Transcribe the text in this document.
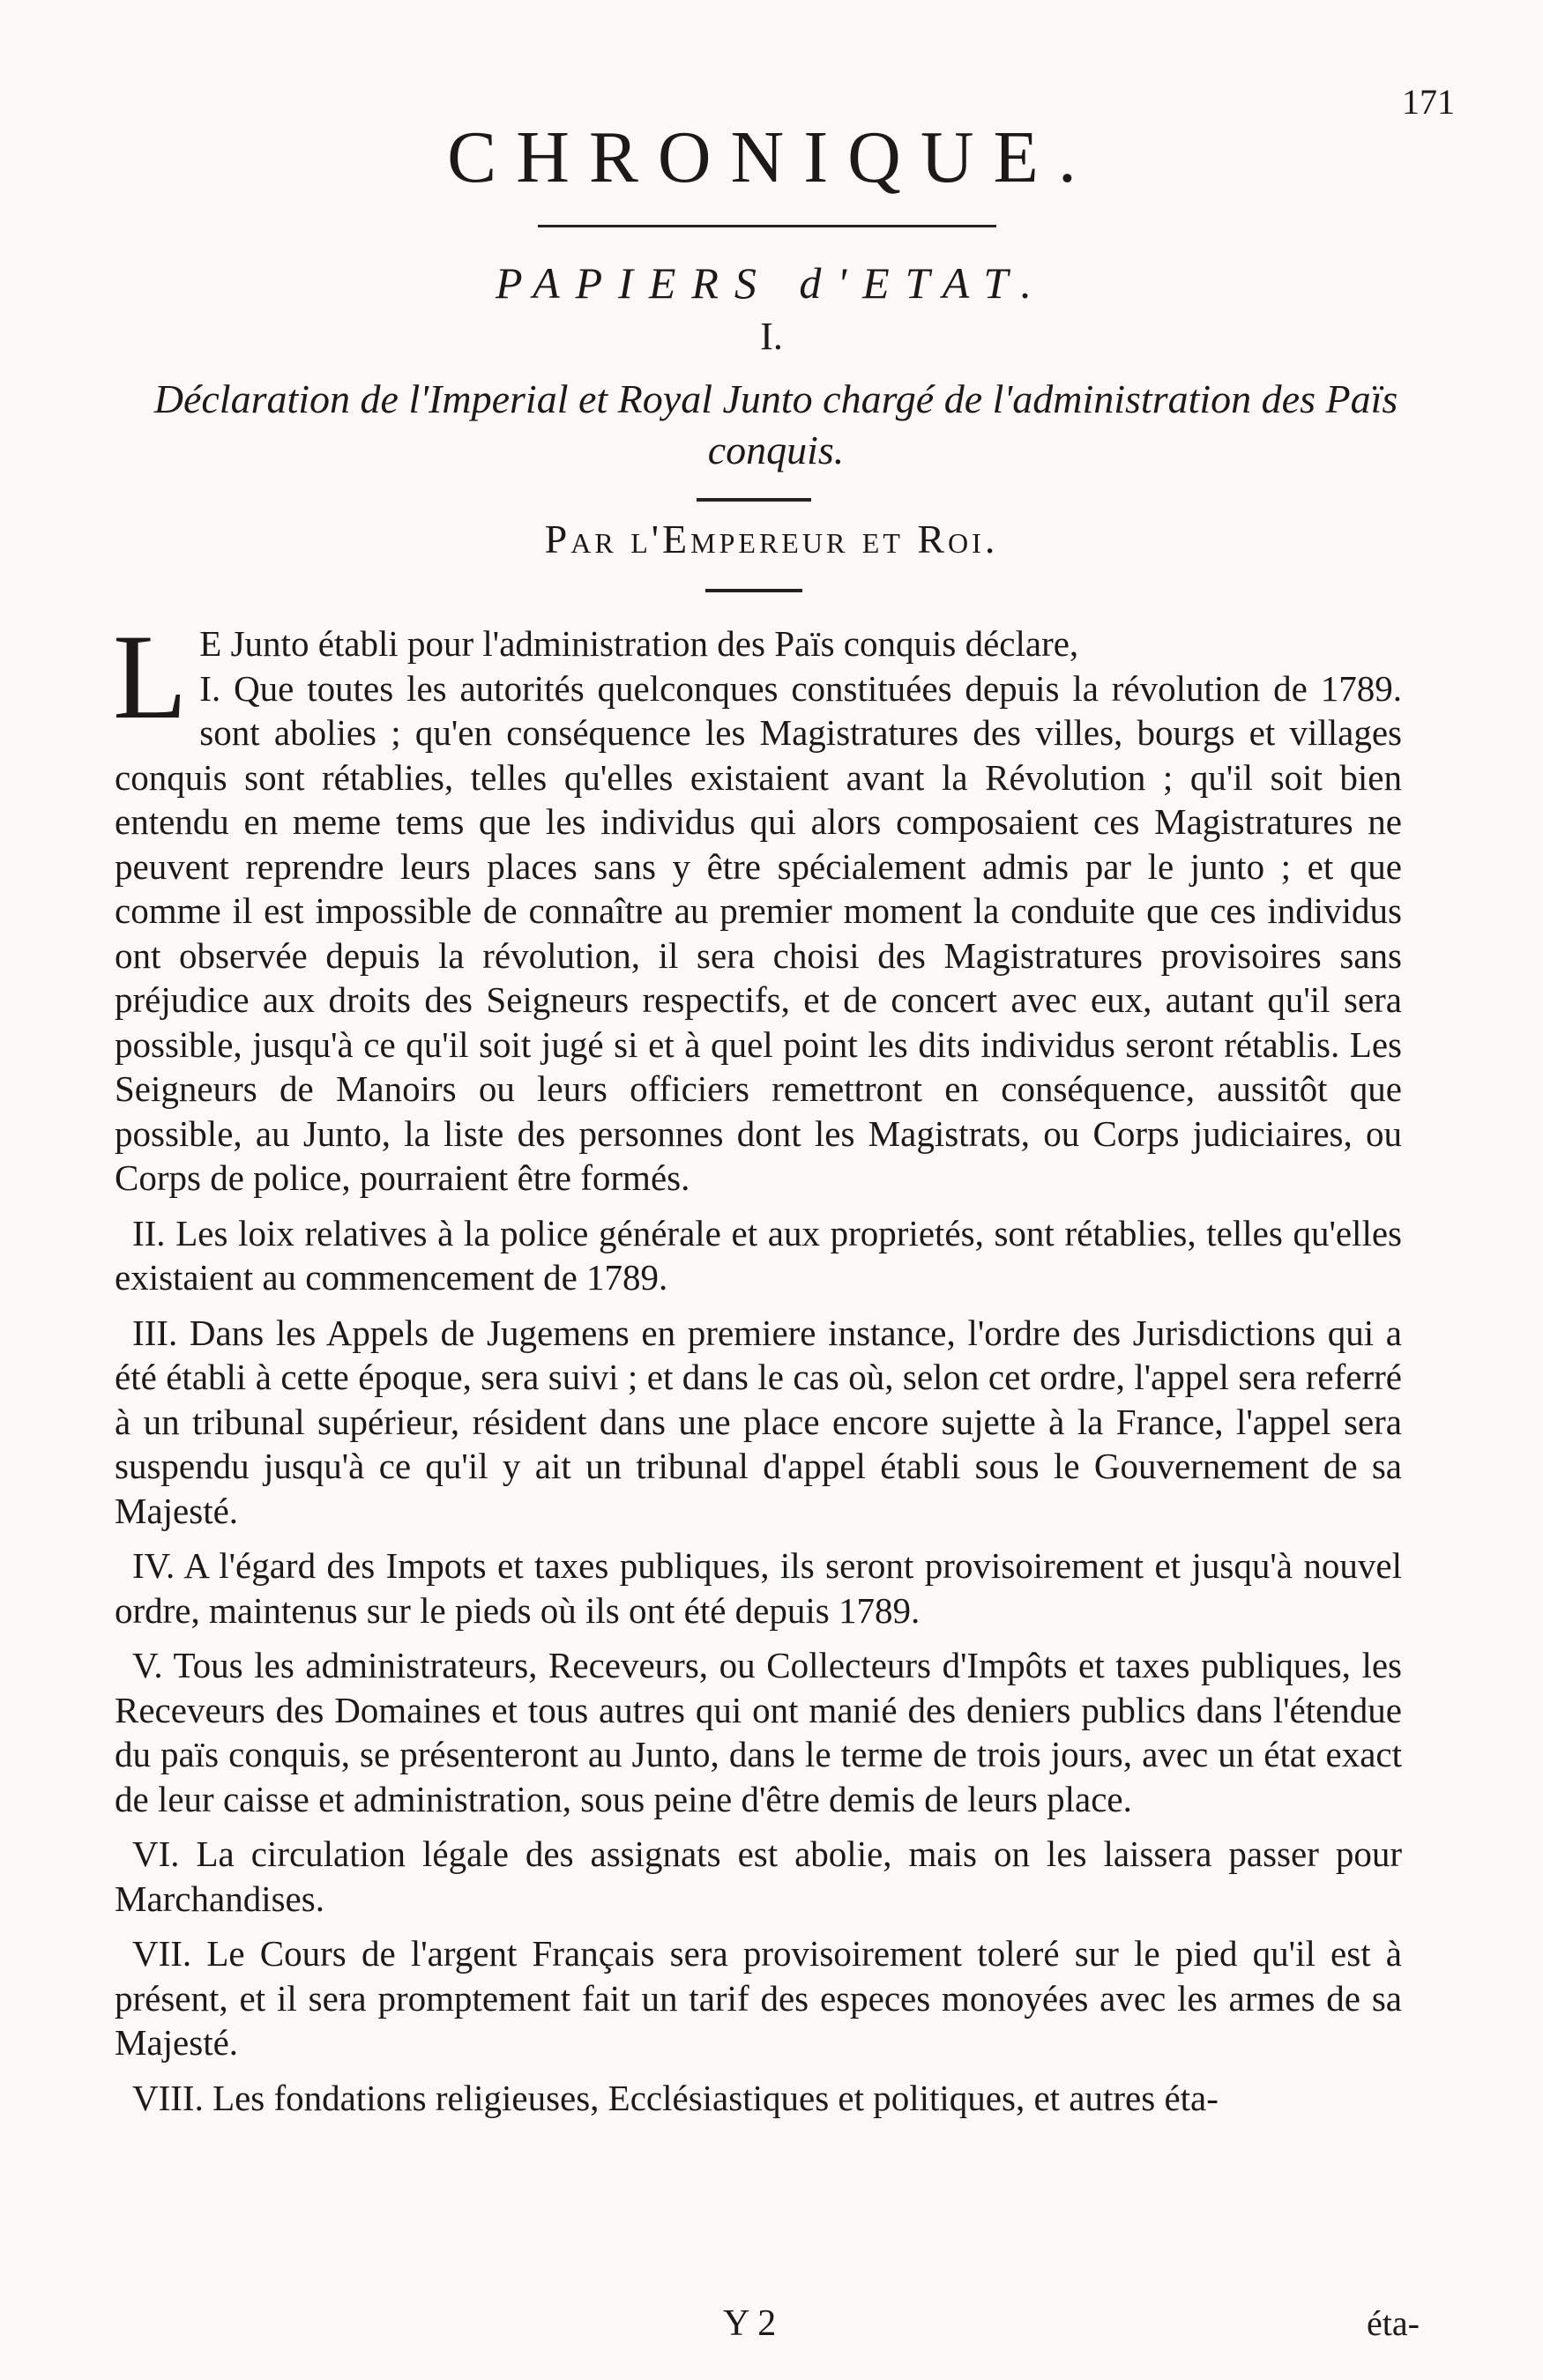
171
CHRONIQUE.
PAPIERS d'ETAT.
I.
Déclaration de l'Imperial et Royal Junto chargé de l'administration des Païs conquis.
Par l'Empereur et Roi.

L E Junto établi pour l'administration des Païs conquis déclare,
I. Que toutes les autorités quelconques constituées depuis la révolution de 1789. sont abolies ; qu'en conséquence les Magistratures des villes, bourgs et villages conquis sont rétablies, telles qu'elles existaient avant la Révolution ; qu'il soit bien entendu en meme tems que les individus qui alors composaient ces Magistratures ne peuvent reprendre leurs places sans y être spécialement admis par le junto ; et que comme il est impossible de connaître au premier moment la conduite que ces individus ont observée depuis la révolution, il sera choisi des Magistratures provisoires sans préjudice aux droits des Seigneurs respectifs, et de concert avec eux, autant qu'il sera possible, jusqu'à ce qu'il soit jugé si et à quel point les dits individus seront rétablis. Les Seigneurs de Manoirs ou leurs officiers remettront en conséquence, aussitôt que possible, au Junto, la liste des personnes dont les Magistrats, ou Corps judiciaires, ou Corps de police, pourraient être formés.

II. Les loix relatives à la police générale et aux proprietés, sont rétablies, telles qu'elles existaient au commencement de 1789.

III. Dans les Appels de Jugemens en premiere instance, l'ordre des Jurisdictions qui a été établi à cette époque, sera suivi ; et dans le cas où, selon cet ordre, l'appel sera referré à un tribunal supérieur, résident dans une place encore sujette à la France, l'appel sera suspendu jusqu'à ce qu'il y ait un tribunal d'appel établi sous le Gouvernement de sa Majesté.

IV. A l'égard des Impots et taxes publiques, ils seront provisoirement et jusqu'à nouvel ordre, maintenus sur le pieds où ils ont été depuis 1789.

V. Tous les administrateurs, Receveurs, ou Collecteurs d'Impôts et taxes publiques, les Receveurs des Domaines et tous autres qui ont manié des deniers publics dans l'étendue du païs conquis, se présenteront au Junto, dans le terme de trois jours, avec un état exact de leur caisse et administration, sous peine d'être demis de leurs place.

VI. La circulation légale des assignats est abolie, mais on les laissera passer pour Marchandises.

VII. Le Cours de l'argent Français sera provisoirement toleré sur le pied qu'il est à présent, et il sera promptement fait un tarif des especes monoyées avec les armes de sa Majesté.

VIII. Les fondations religieuses, Ecclésiastiques et politiques, et autres éta-

Y 2	éta-
